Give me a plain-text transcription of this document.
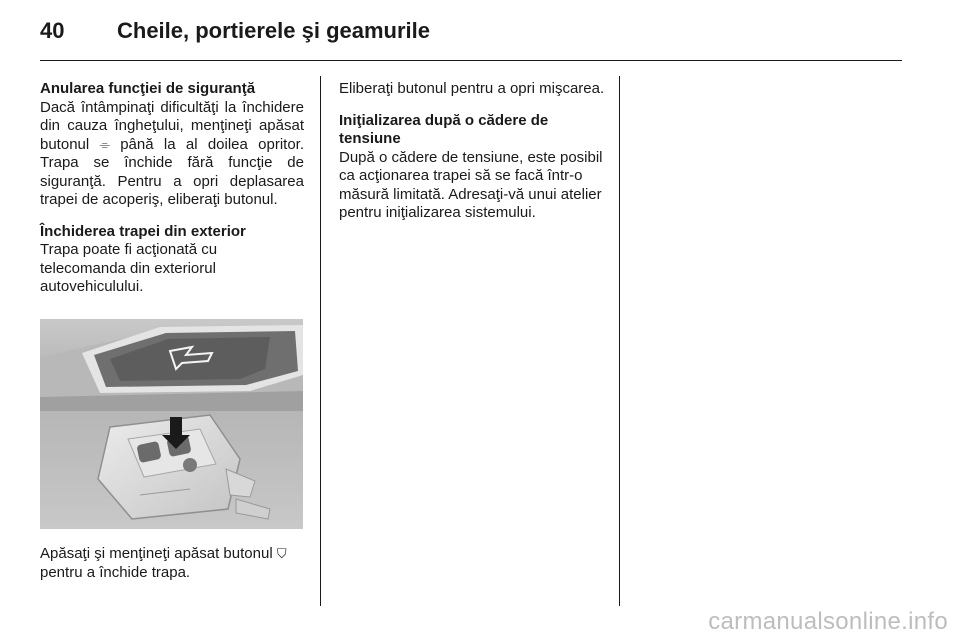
40 Cheile, portierele şi geamurile

Anularea funcţiei de siguranţă
Dacă întâmpinaţi dificultăţi la închidere din cauza îngheţului, menţineţi apăsat butonul ⌯ până la al doilea opritor. Trapa se închide fără funcţie de siguranţă. Pentru a opri deplasarea trapei de acoperiş, eliberaţi butonul.

Închiderea trapei din exterior
Trapa poate fi acţionată cu telecomanda din exteriorul autovehiculului.

Apăsaţi şi menţineţi apăsat butonul ⛉ pentru a închide trapa.

Eliberaţi butonul pentru a opri mişcarea.

Iniţializarea după o cădere de tensiune
După o cădere de tensiune, este posibil ca acţionarea trapei să se facă într-o măsură limitată. Adresaţi-vă unui atelier pentru iniţializarea sistemului.

carmanualsonline.info
